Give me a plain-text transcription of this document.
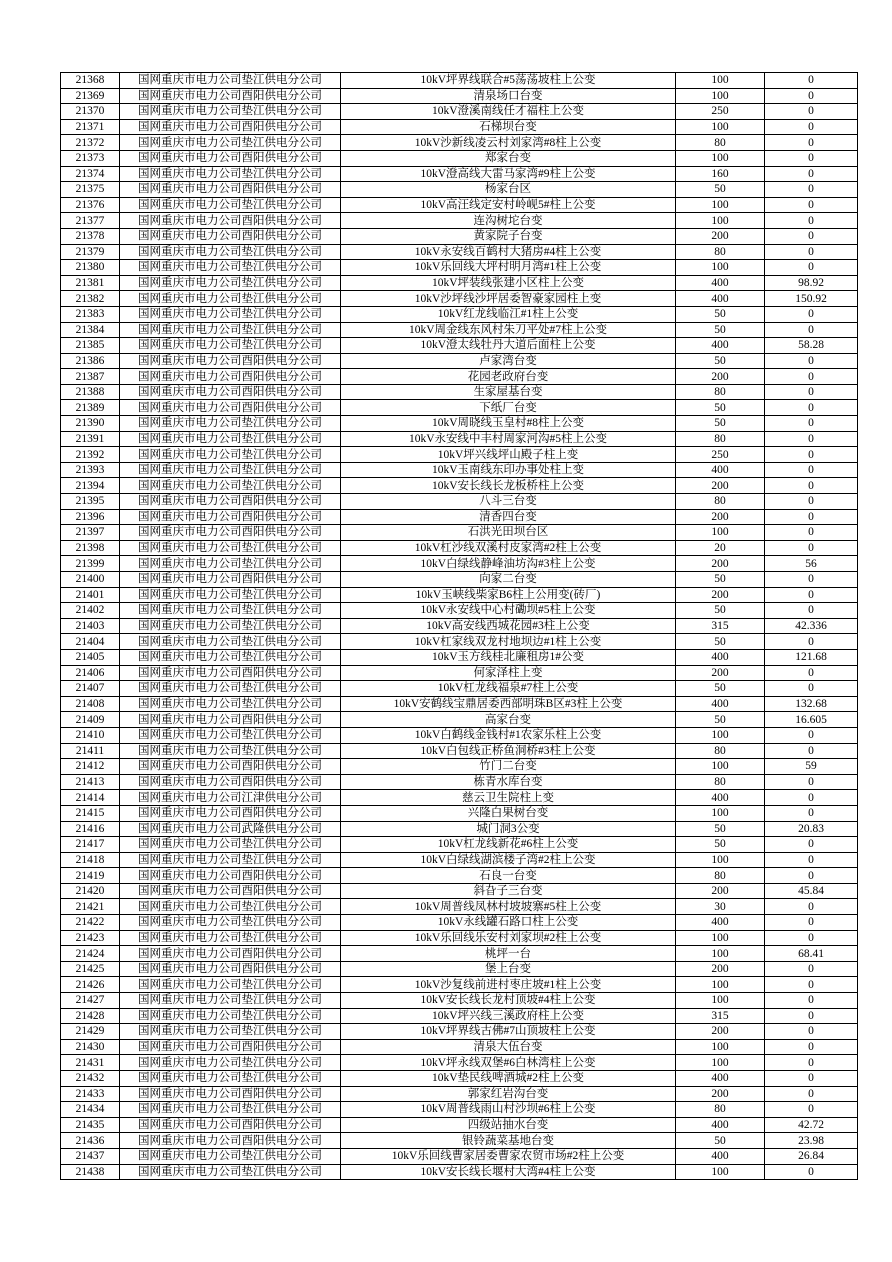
21368	国网重庆市电力公司垫江供电分公司	10kV坪界线联合#5荡荡坡柱上公变	100	0
21369	国网重庆市电力公司酉阳供电分公司	清泉场口台变	100	0
21370	国网重庆市电力公司垫江供电分公司	10kV澄溪南线任才福柱上公变	250	0
21371	国网重庆市电力公司酉阳供电分公司	石梯坝台变	100	0
21372	国网重庆市电力公司垫江供电分公司	10kV沙新线凌云村刘家湾#8柱上公变	80	0
21373	国网重庆市电力公司酉阳供电分公司	郑家台变	100	0
21374	国网重庆市电力公司垫江供电分公司	10kV澄高线大雷马家湾#9柱上公变	160	0
21375	国网重庆市电力公司酉阳供电分公司	杨家台区	50	0
21376	国网重庆市电力公司垫江供电分公司	10kV高汪线定安村岭岘5#柱上公变	100	0
21377	国网重庆市电力公司酉阳供电分公司	连沟树坨台变	100	0
21378	国网重庆市电力公司酉阳供电分公司	黄家院子台变	200	0
21379	国网重庆市电力公司垫江供电分公司	10kV永安线百鹤村大猪房#4柱上公变	80	0
21380	国网重庆市电力公司垫江供电分公司	10kV乐回线大坪村明月湾#1柱上公变	100	0
21381	国网重庆市电力公司垫江供电分公司	10kV坪装线张建小区柱上公变	400	98.92
21382	国网重庆市电力公司垫江供电分公司	10kV沙坪线沙坪居委智豪家园柱上变	400	150.92
21383	国网重庆市电力公司垫江供电分公司	10kV红龙线临江#1柱上公变	50	0
21384	国网重庆市电力公司垫江供电分公司	10kV周金线东风村朱刀平处#7柱上公变	50	0
21385	国网重庆市电力公司垫江供电分公司	10kV澄太线牡丹大道后面柱上公变	400	58.28
21386	国网重庆市电力公司酉阳供电分公司	卢家湾台变	50	0
21387	国网重庆市电力公司酉阳供电分公司	花园老政府台变	200	0
21388	国网重庆市电力公司酉阳供电分公司	生家屋基台变	80	0
21389	国网重庆市电力公司酉阳供电分公司	下纸厂台变	50	0
21390	国网重庆市电力公司垫江供电分公司	10kV周晓线玉皇村#8柱上公变	50	0
21391	国网重庆市电力公司垫江供电分公司	10kV永安线中丰村周家河沟#5柱上公变	80	0
21392	国网重庆市电力公司垫江供电分公司	10kV坪兴线坪山殿子柱上变	250	0
21393	国网重庆市电力公司垫江供电分公司	10kV玉南线东印办事处柱上变	400	0
21394	国网重庆市电力公司垫江供电分公司	10kV安长线长龙板桥柱上公变	200	0
21395	国网重庆市电力公司酉阳供电分公司	八斗三台变	80	0
21396	国网重庆市电力公司酉阳供电分公司	清香四台变	200	0
21397	国网重庆市电力公司酉阳供电分公司	石洪光田坝台区	100	0
21398	国网重庆市电力公司垫江供电分公司	10kV杠沙线双溪村皮家湾#2柱上公变	20	0
21399	国网重庆市电力公司垫江供电分公司	10kV白绿线静峰油坊沟#3柱上公变	200	56
21400	国网重庆市电力公司酉阳供电分公司	向家二台变	50	0
21401	国网重庆市电力公司垫江供电分公司	10kV玉峡线柴家B6柱上公用变(砖厂)	200	0
21402	国网重庆市电力公司垫江供电分公司	10kV永安线中心村磡坝#5柱上公变	50	0
21403	国网重庆市电力公司垫江供电分公司	10kV高安线西城花园#3柱上公变	315	42.336
21404	国网重庆市电力公司垫江供电分公司	10kV杠家线双龙村地坝边#1柱上公变	50	0
21405	国网重庆市电力公司垫江供电分公司	10kV玉方线桂北廉租房1#公变	400	121.68
21406	国网重庆市电力公司酉阳供电分公司	何家泽柱上变	200	0
21407	国网重庆市电力公司垫江供电分公司	10kV杠龙线福泉#7柱上公变	50	0
21408	国网重庆市电力公司垫江供电分公司	10kV安鹤线宝鼎居委西部明珠B区#3柱上公变	400	132.68
21409	国网重庆市电力公司酉阳供电分公司	高家台变	50	16.605
21410	国网重庆市电力公司垫江供电分公司	10kV白鹤线金钱村#1农家乐柱上公变	100	0
21411	国网重庆市电力公司垫江供电分公司	10kV白包线正桥鱼洞桥#3柱上公变	80	0
21412	国网重庆市电力公司酉阳供电分公司	竹门二台变	100	59
21413	国网重庆市电力公司酉阳供电分公司	栋青水库台变	80	0
21414	国网重庆市电力公司江津供电分公司	慈云卫生院柱上变	400	0
21415	国网重庆市电力公司酉阳供电分公司	兴隆白果树台变	100	0
21416	国网重庆市电力公司武隆供电分公司	城门洞3公变	50	20.83
21417	国网重庆市电力公司垫江供电分公司	10kV杠龙线新花#6柱上公变	50	0
21418	国网重庆市电力公司垫江供电分公司	10kV白绿线湖滨楼子湾#2柱上公变	100	0
21419	国网重庆市电力公司酉阳供电分公司	石良一台变	80	0
21420	国网重庆市电力公司酉阳供电分公司	斜旮子三台变	200	45.84
21421	国网重庆市电力公司垫江供电分公司	10kV周普线凤林村坡坡寨#5柱上公变	30	0
21422	国网重庆市电力公司垫江供电分公司	10kV永线罐石路口柱上公变	400	0
21423	国网重庆市电力公司垫江供电分公司	10kV乐回线乐安村刘家坝#2柱上公变	100	0
21424	国网重庆市电力公司酉阳供电分公司	桃坪一台	100	68.41
21425	国网重庆市电力公司酉阳供电分公司	堡上台变	200	0
21426	国网重庆市电力公司垫江供电分公司	10kV沙复线前进村枣庄坡#1柱上公变	100	0
21427	国网重庆市电力公司垫江供电分公司	10kV安长线长龙村顶坡#4柱上公变	100	0
21428	国网重庆市电力公司垫江供电分公司	10kV坪兴线三溪政府柱上公变	315	0
21429	国网重庆市电力公司垫江供电分公司	10kV坪界线古佛#7山顶坡柱上公变	200	0
21430	国网重庆市电力公司酉阳供电分公司	清泉大伍台变	100	0
21431	国网重庆市电力公司垫江供电分公司	10kV坪永线双堡#6白林湾柱上公变	100	0
21432	国网重庆市电力公司垫江供电分公司	10kV垫民线啤酒城#2柱上公变	400	0
21433	国网重庆市电力公司酉阳供电分公司	郭家红岩沟台变	200	0
21434	国网重庆市电力公司垫江供电分公司	10kV周普线雨山村沙坝#6柱上公变	80	0
21435	国网重庆市电力公司酉阳供电分公司	四级站抽水台变	400	42.72
21436	国网重庆市电力公司酉阳供电分公司	银铃蔬菜基地台变	50	23.98
21437	国网重庆市电力公司垫江供电分公司	10kV乐回线曹家居委曹家农贸市场#2柱上公变	400	26.84
21438	国网重庆市电力公司垫江供电分公司	10kV安长线长堰村大湾#4柱上公变	100	0
